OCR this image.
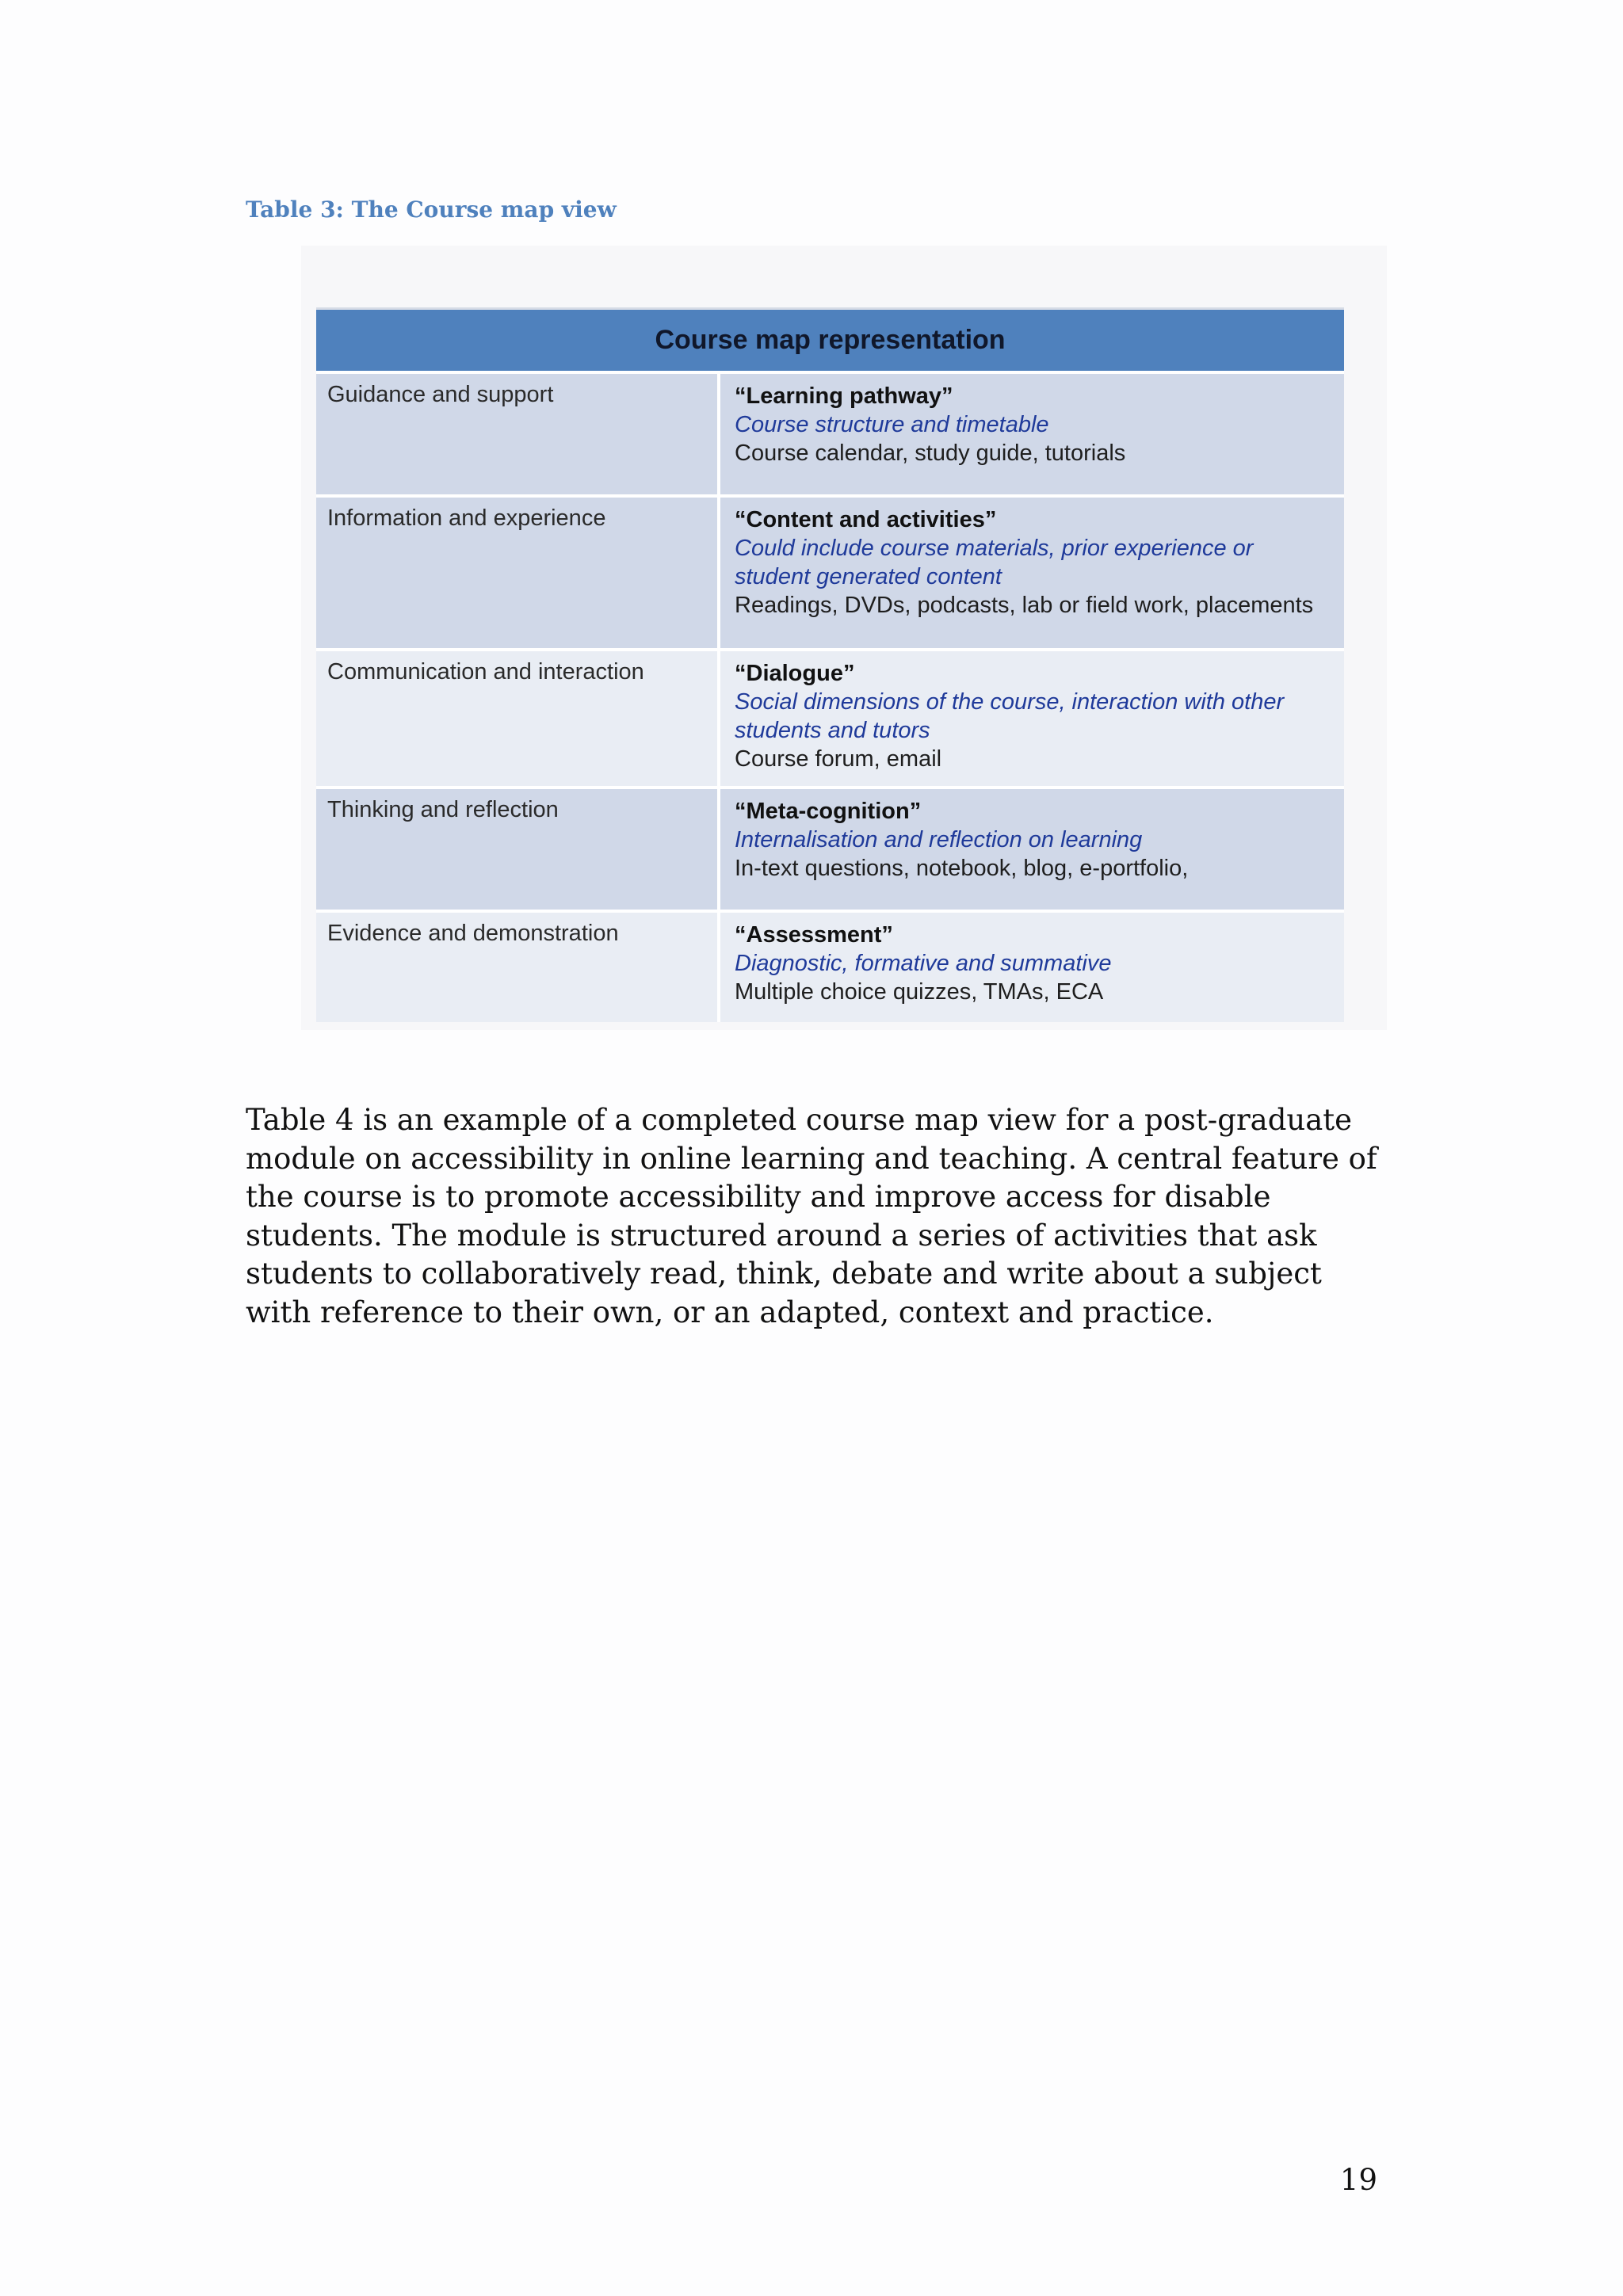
Table 3: The Course map view
Course map representation
Guidance and support	“Learning pathway”
Course structure and timetable
Course calendar, study guide, tutorials
Information and experience	“Content and activities”
Could include course materials, prior experience or student generated content
Readings, DVDs, podcasts, lab or field work, placements
Communication and interaction	“Dialogue”
Social dimensions of the course, interaction with other students and tutors
Course forum, email
Thinking and reflection	“Meta-cognition”
Internalisation and reflection on learning
In-text questions, notebook, blog, e-portfolio,
Evidence and demonstration	“Assessment”
Diagnostic, formative and summative
Multiple choice quizzes, TMAs, ECA
Table 4 is an example of a completed course map view for a post-graduate module on accessibility in online learning and teaching. A central feature of the course is to promote accessibility and improve access for disable students. The module is structured around a series of activities that ask students to collaboratively read, think, debate and write about a subject with reference to their own, or an adapted, context and practice.
19
